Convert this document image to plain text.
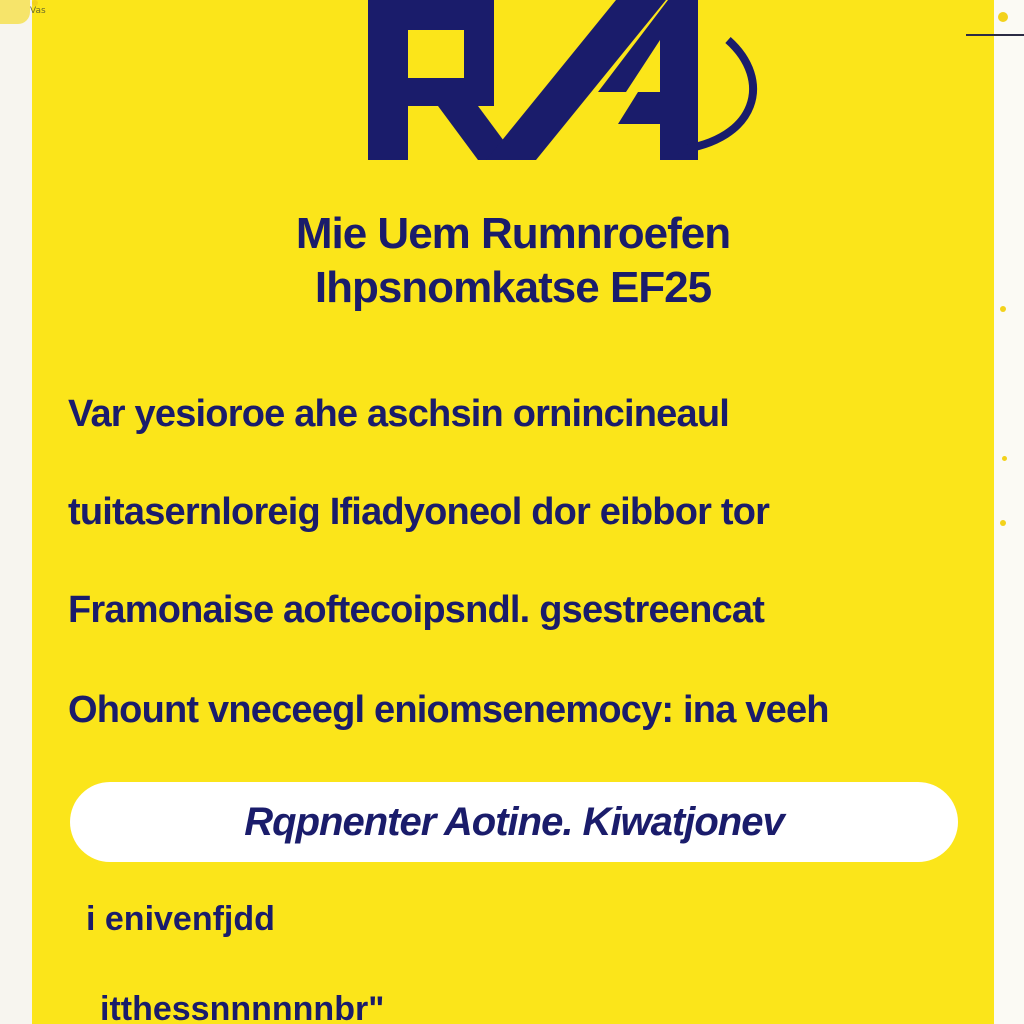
Mie Uem Rumnroefen
Ihpsnomkatse EF25
Var yesioroe ahe aschsin ornincineaul
tuitasernloreig Ifiadyoneol dor eibbor tor
Framonaise aoftecoipsndl. gsestreencat
Ohount vneceegl eniomsenemocy: ina veeh
Rqpnenter Aotine. Kiwatjonev
i enivenfjdd
itthessnnnnnnbr"
Vas
